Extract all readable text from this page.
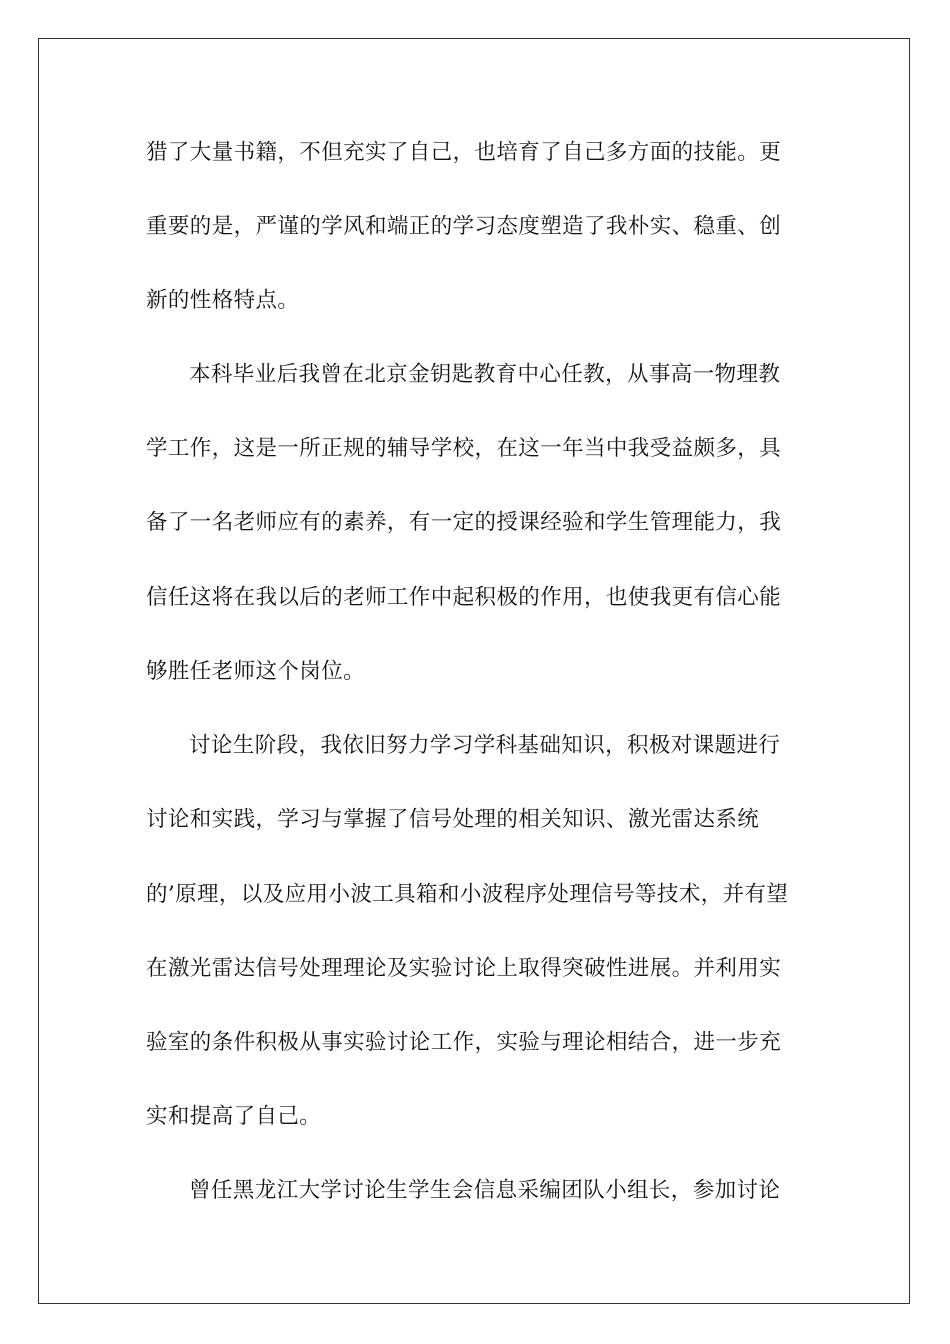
猎了大量书籍，不但充实了自己，也培育了自己多方面的技能。更
重要的是，严谨的学风和端正的学习态度塑造了我朴实、稳重、创
新的性格特点。
本科毕业后我曾在北京金钥匙教育中心任教，从事高一物理教
学工作，这是一所正规的辅导学校，在这一年当中我受益颇多，具
备了一名老师应有的素养，有一定的授课经验和学生管理能力，我
信任这将在我以后的老师工作中起积极的作用，也使我更有信心能
够胜任老师这个岗位。
讨论生阶段，我依旧努力学习学科基础知识，积极对课题进行
讨论和实践，学习与掌握了信号处理的相关知识、激光雷达系统
的’原理，以及应用小波工具箱和小波程序处理信号等技术，并有望
在激光雷达信号处理理论及实验讨论上取得突破性进展。并利用实
验室的条件积极从事实验讨论工作，实验与理论相结合，进一步充
实和提高了自己。
曾任黑龙江大学讨论生学生会信息采编团队小组长，参加讨论
